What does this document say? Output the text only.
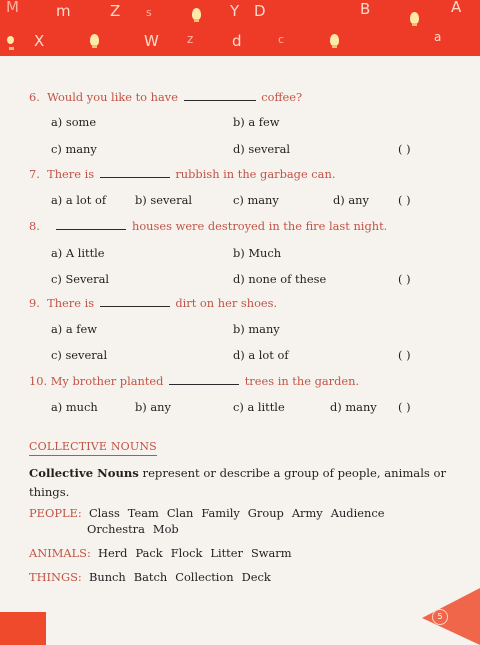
M m	Z s	Y D	B	A
X	W z	d	c	a
6. Would you like to have	coffee?
a) some	b) a few
c) many	d) several	( )
7. There is	rubbish in the garbage can.
a) a lot of	b) several	c) many	d) any	( )
8.	houses were destroyed in the fire last night.
a) A little	b) Much
c) Several	d) none of these	( )
9. There is	dirt on her shoes.
a) a few	b) many
c) several	d) a lot of	( )
10. My brother planted	trees in the garden.
a) much	b) any	c) a little	d) many ( )
COLLECTIVE NOUNS
Collective Nouns represent or describe a group of people, animals or things.
PEOPLE: Class Team Clan Family Group Army Audience
Orchestra Mob
ANIMALS: Herd Pack Flock Litter Swarm
THINGS: Bunch Batch Collection Deck
5
